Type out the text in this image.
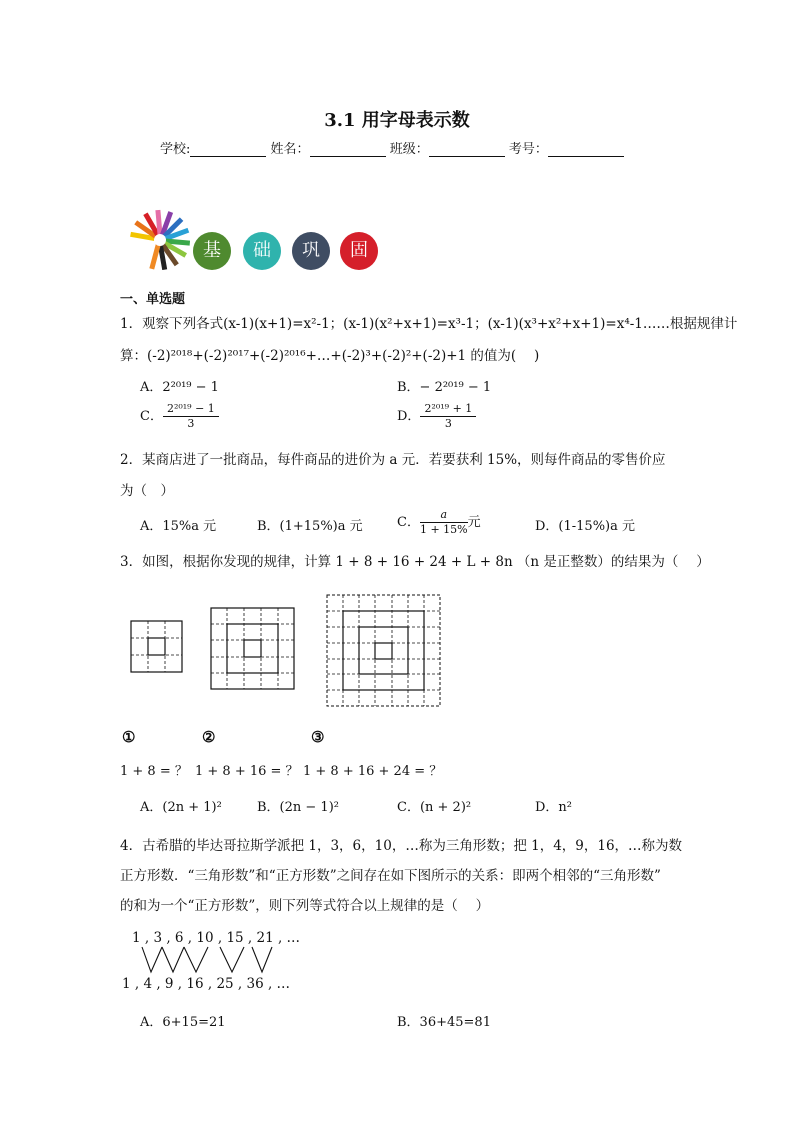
3.1 用字母表示数
学校:	姓名：	班级：	考号：
基	础	巩	固
一、单选题
1．观察下列各式(x-1)(x+1)=x²-1；(x-1)(x²+x+1)=x³-1；(x-1)(x³+x²+x+1)=x⁴-1……根据规律计
算：(-2)²⁰¹⁸+(-2)²⁰¹⁷+(-2)²⁰¹⁶+…+(-2)³+(-2)²+(-2)+1 的值为(　 )
A．2²⁰¹⁹ − 1	B．− 2²⁰¹⁹ − 1
C． $\frac{\text{2²⁰¹⁹ − 1}}{3}$	D． $\frac{\text{2²⁰¹⁹ + 1}}{3}$
2．某商店进了一批商品，每件商品的进价为 a 元．若要获利 15%，则每件商品的零售价应
为（　）
A．15%a 元	B．(1+15%)a 元	C． $\frac{a}{1 + 15\%}$ 元	D．(1-15%)a 元
3．如图，根据你发现的规律，计算 1 + 8 + 16 + 24 + L + 8n （n 是正整数）的结果为（　 ）
①	②	③
1 + 8 = ？ 1 + 8 + 16 = ？ 1 + 8 + 16 + 24 = ？
A．(2n + 1)²	B．(2n − 1)²	C．(n + 2)²	D．n²
4．古希腊的毕达哥拉斯学派把 1，3，6，10，…称为三角形数；把 1，4，9，16，…称为数
正方形数．“三角形数”和“正方形数”之间存在如下图所示的关系：即两个相邻的“三角形数”
的和为一个“正方形数”，则下列等式符合以上规律的是（　 ）
1 , 3 , 6 , 10 , 15 , 21 , …
1 , 4 , 9 , 16 , 25 , 36 , …
A．6+15=21	B．36+45=81
